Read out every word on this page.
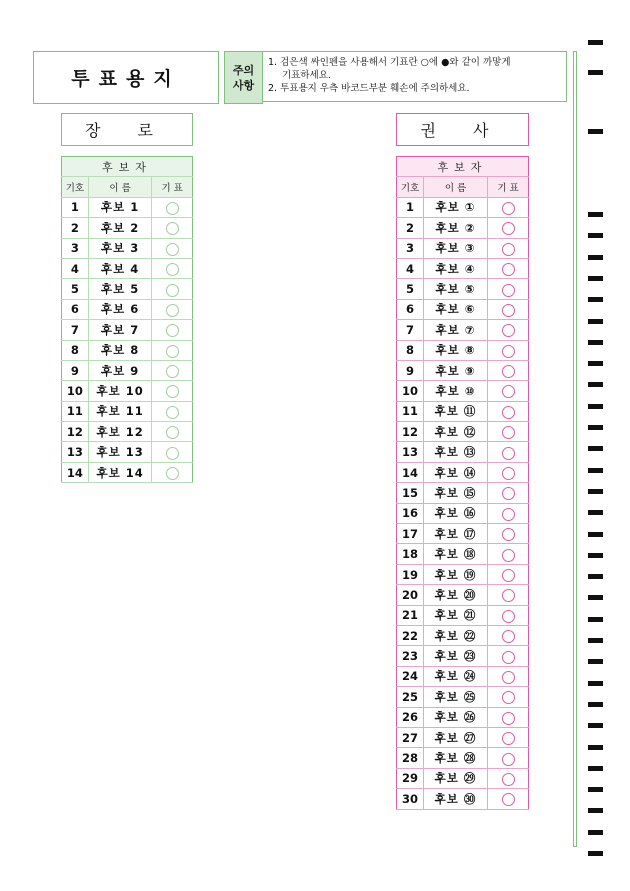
투표용지	주의
사항
1. 검은색 싸인펜을 사용해서 기표란 ○에 ●와 같이 까맣게
기표하세요.
2. 투표용지 우측 바코드부분 훼손에 주의하세요.
장 로
후보자		
기호	이 름	기 표
1	후보 1	
2	후보 2	
3	후보 3	
4	후보 4	
5	후보 5	
6	후보 6	
7	후보 7	
8	후보 8	
9	후보 9	
10	후보 10	
11	후보 11	
12	후보 12	
13	후보 13	
14	후보 14	
권 사
후보자		
기호	이 름	기 표
1	후보 ①	
2	후보 ②	
3	후보 ③	
4	후보 ④	
5	후보 ⑤	
6	후보 ⑥	
7	후보 ⑦	
8	후보 ⑧	
9	후보 ⑨	
10	후보 ⑩	
11	후보 ⑪	
12	후보 ⑫	
13	후보 ⑬	
14	후보 ⑭	
15	후보 ⑮	
16	후보 ⑯	
17	후보 ⑰	
18	후보 ⑱	
19	후보 ⑲	
20	후보 ⑳	
21	후보 ㉑	
22	후보 ㉒	
23	후보 ㉓	
24	후보 ㉔	
25	후보 ㉕	
26	후보 ㉖	
27	후보 ㉗	
28	후보 ㉘	
29	후보 ㉙	
30	후보 ㉚	
